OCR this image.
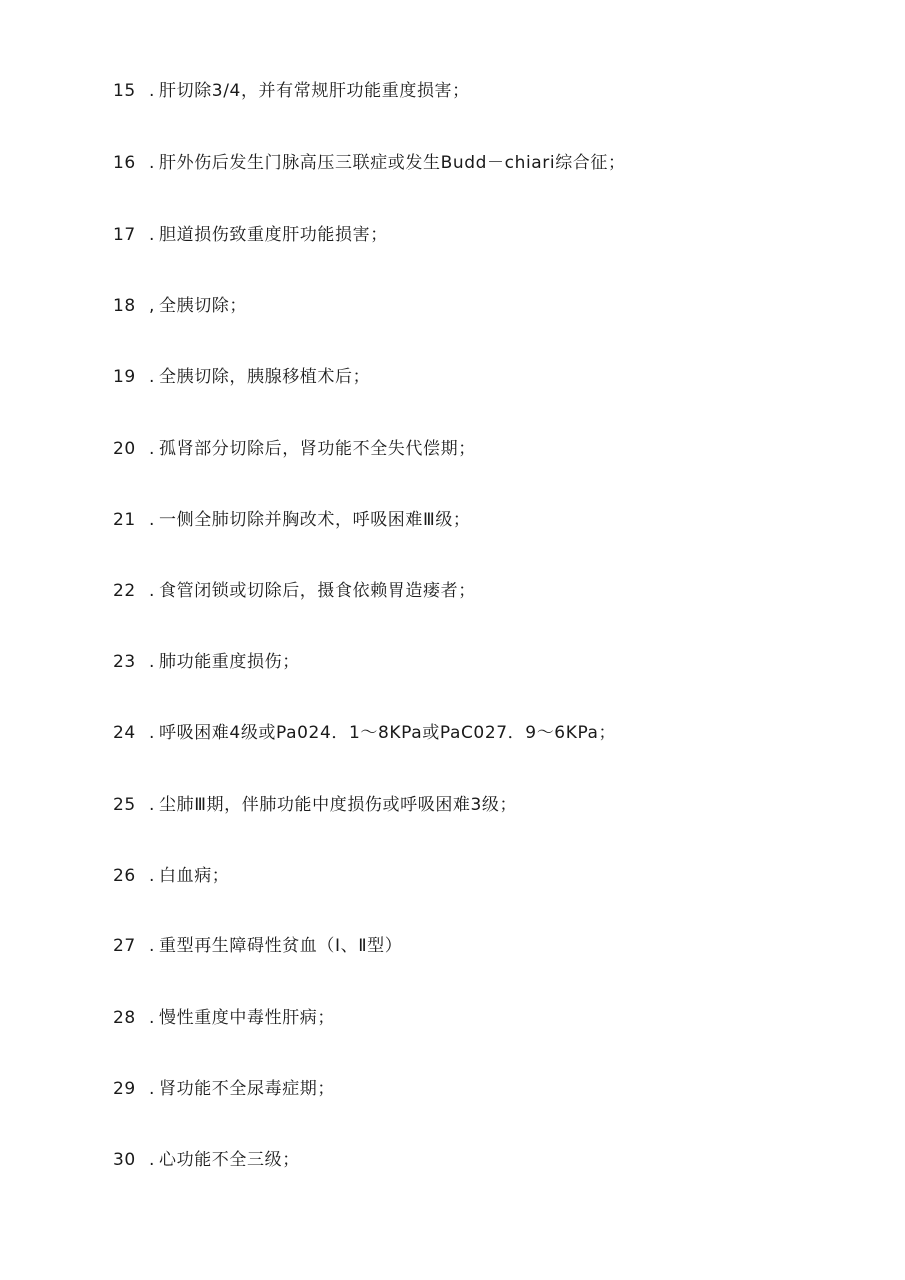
15 . 肝切除3/4，并有常规肝功能重度损害；
16 . 肝外伤后发生门脉高压三联症或发生Budd－chiari综合征；
17 . 胆道损伤致重度肝功能损害；
18 , 全胰切除；
19 . 全胰切除，胰腺移植术后；
20 . 孤肾部分切除后，肾功能不全失代偿期；
21 . 一侧全肺切除并胸改术，呼吸困难Ⅲ级；
22 . 食管闭锁或切除后，摄食依赖胃造瘘者；
23 . 肺功能重度损伤；
24 . 呼吸困难4级或Pa024．1～8KPa或PaC027．9～6KPa；
25 . 尘肺Ⅲ期，伴肺功能中度损伤或呼吸困难3级；
26 . 白血病；
27 . 重型再生障碍性贫血（Ⅰ、Ⅱ型）
28 . 慢性重度中毒性肝病；
29 . 肾功能不全尿毒症期；
30 . 心功能不全三级；
